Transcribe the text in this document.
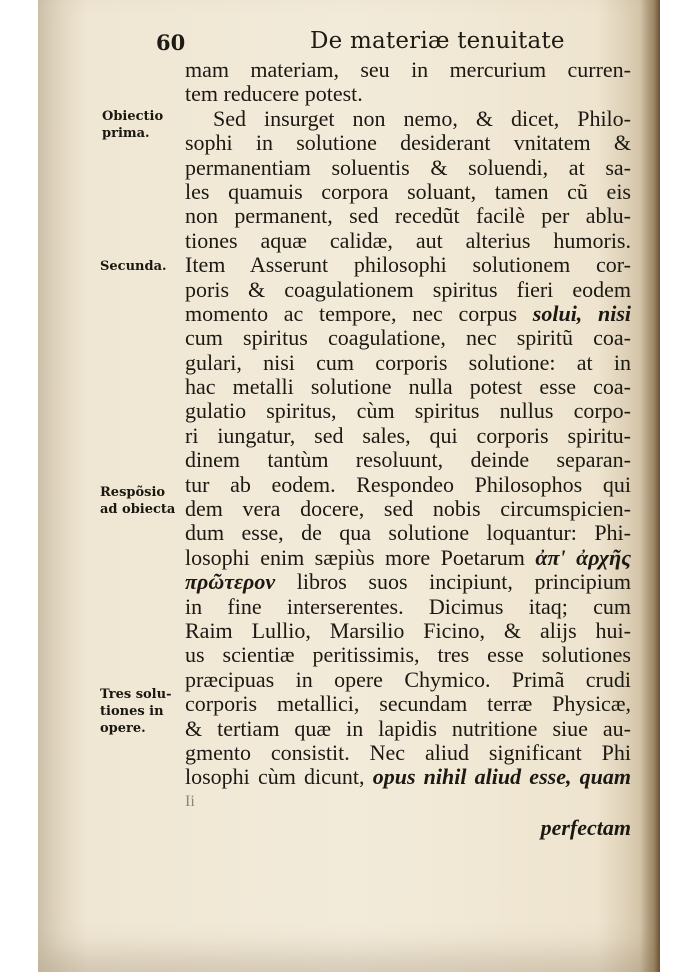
60	De materiæ tenuitate
Obiectio
prima.
Secunda.
Respõsio
ad obiecta
Tres solu-
tiones in
opere.
mam materiam, seu in mercurium curren-
tem reducere potest.
Sed insurget non nemo, & dicet, Philo-
sophi in solutione desiderant vnitatem &
permanentiam soluentis & soluendi, at sa-
les quamuis corpora soluant, tamen cũ eis
non permanent, sed recedũt facilè per ablu-
tiones aquæ calidæ, aut alterius humoris.
Item Asserunt philosophi solutionem cor-
poris & coagulationem spiritus fieri eodem
momento ac tempore, nec corpus solui, nisi
cum spiritus coagulatione, nec spiritũ coa-
gulari, nisi cum corporis solutione: at in
hac metalli solutione nulla potest esse coa-
gulatio spiritus, cùm spiritus nullus corpo-
ri iungatur, sed sales, qui corporis spiritu-
dinem tantùm resoluunt, deinde separan-
tur ab eodem. Respondeo Philosophos qui
dem vera docere, sed nobis circumspicien-
dum esse, de qua solutione loquantur: Phi-
losophi enim sæpiùs more Poetarum ἀπ' ἀρχῆς
πρῶτερον libros suos incipiunt, principium
in fine interserentes. Dicimus itaq; cum
Raim Lullio, Marsilio Ficino, & alijs hui-
us scientiæ peritissimis, tres esse solutiones
præcipuas in opere Chymico. Primã crudi
corporis metallici, secundam terræ Physicæ,
& tertiam quæ in lapidis nutritione siue au-
gmento consistit. Nec aliud significant Phi
losophi cùm dicunt, opus nihil aliud esse, quam
Ii
perfectam
